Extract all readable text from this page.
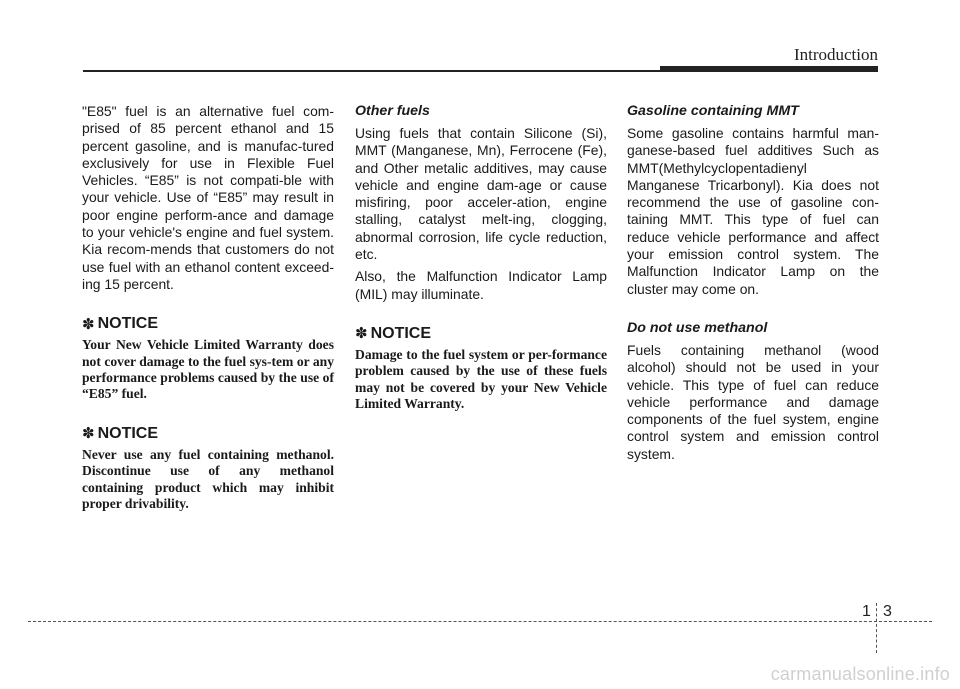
Introduction

"E85" fuel is an alternative fuel com-prised of 85 percent ethanol and 15 percent gasoline, and is manufac-tured exclusively for use in Flexible Fuel Vehicles. “E85” is not compati-ble with your vehicle. Use of “E85” may result in poor engine perform-ance and damage to your vehicle's engine and fuel system. Kia recom-mends that customers do not use fuel with an ethanol content exceed-ing 15 percent.

✽ NOTICE

Your New Vehicle Limited Warranty does not cover damage to the fuel sys-tem or any performance problems caused by the use of “E85” fuel.

✽ NOTICE

Never use any fuel containing methanol. Discontinue use of any methanol containing product which may inhibit proper drivability.

Other fuels

Using fuels that contain Silicone (Si), MMT (Manganese, Mn), Ferrocene (Fe), and Other metalic additives, may cause vehicle and engine dam-age or cause misfiring, poor acceler-ation, engine stalling, catalyst melt-ing, clogging, abnormal corrosion, life cycle reduction, etc.

Also, the Malfunction Indicator Lamp (MIL) may illuminate.

✽ NOTICE

Damage to the fuel system or per-formance problem caused by the use of these fuels may not be covered by your New Vehicle Limited Warranty.

Gasoline containing MMT

Some gasoline contains harmful man-ganese-based fuel additives Such as MMT(Methylcyclopentadienyl Manganese Tricarbonyl). Kia does not recommend the use of gasoline con-taining MMT. This type of fuel can reduce vehicle performance and affect your emission control system. The Malfunction Indicator Lamp on the cluster may come on.

Do not use methanol

Fuels containing methanol (wood alcohol) should not be used in your vehicle. This type of fuel can reduce vehicle performance and damage components of the fuel system, engine control system and emission control system.

1 3
carmanualsonline.info
